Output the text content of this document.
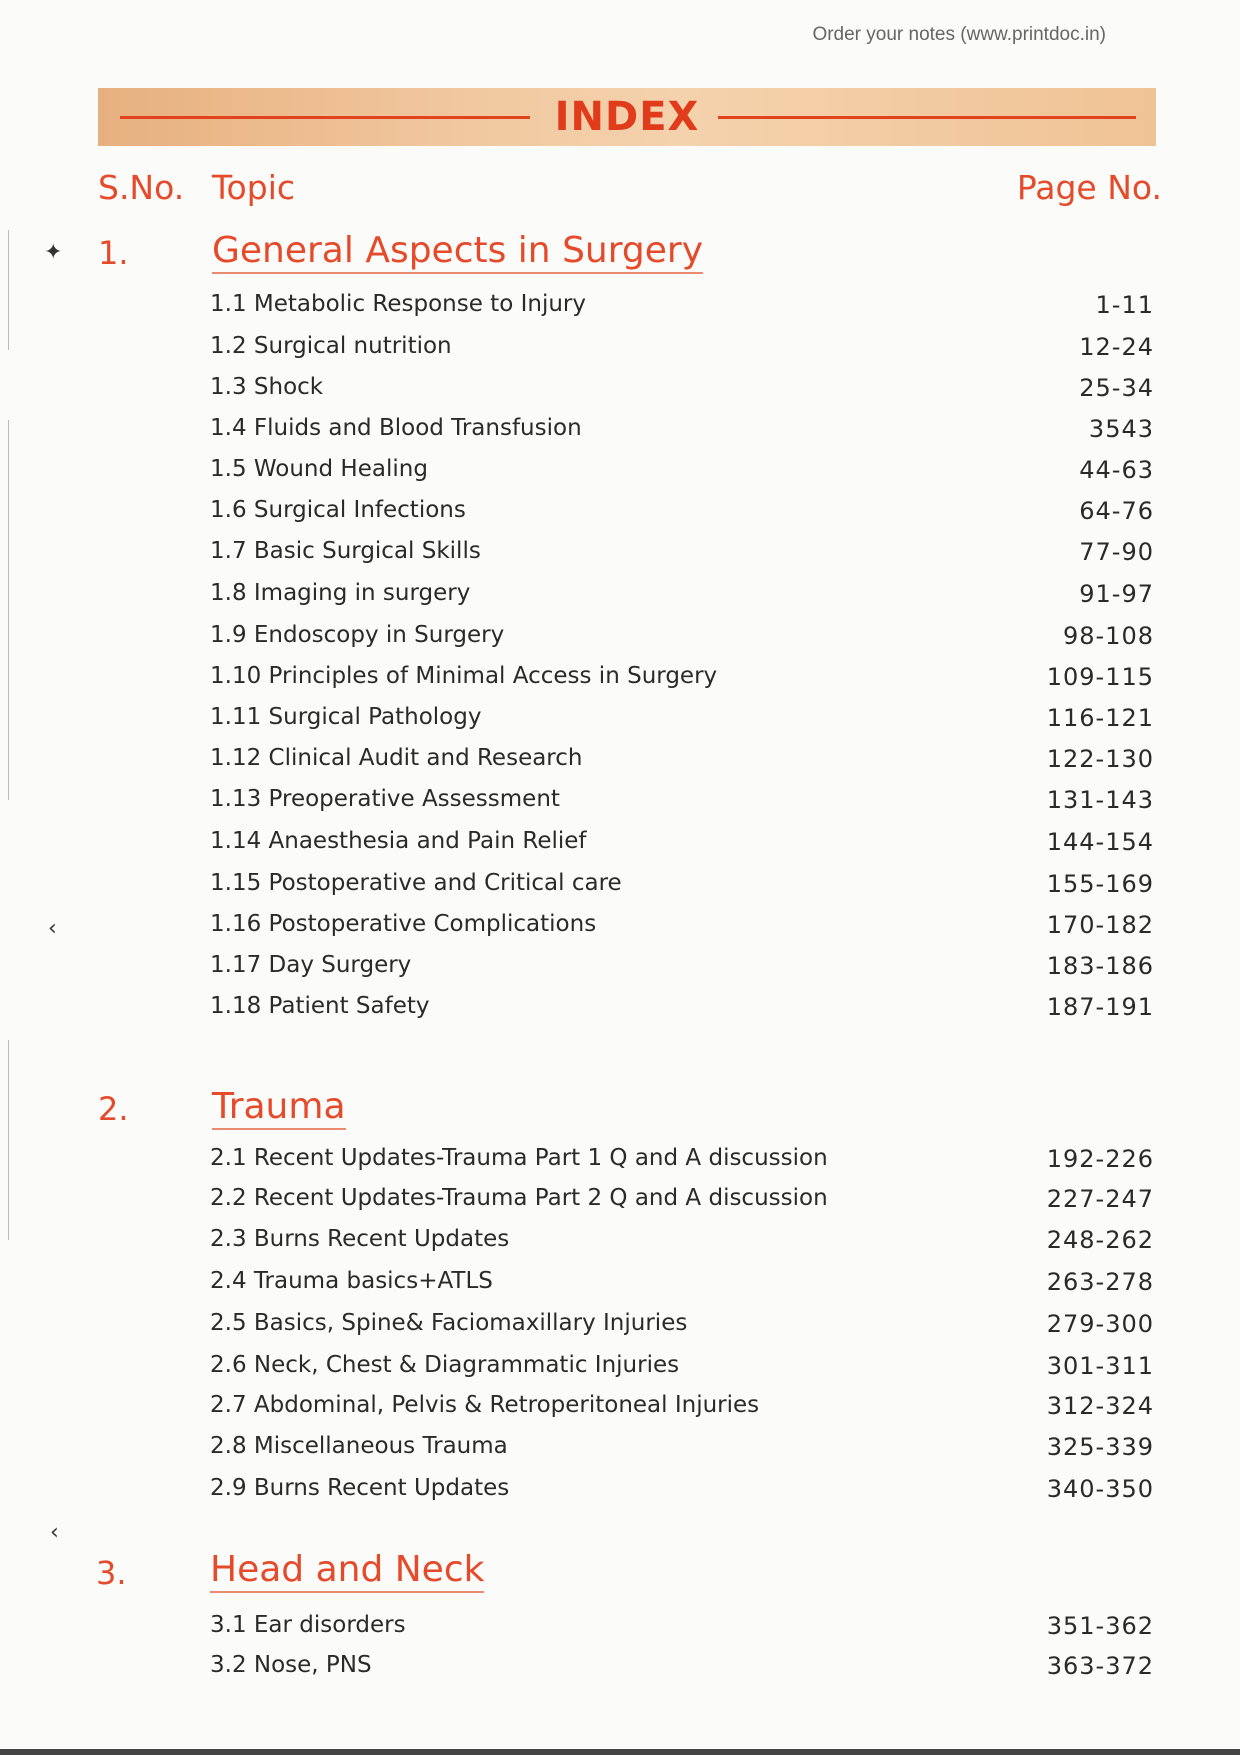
Order your notes (www.printdoc.in)
INDEX
S.No. Topic	Page No.
✦
‹
‹
1. General Aspects in Surgery
1.1 Metabolic Response to Injury	1-11
1.2 Surgical nutrition	12-24
1.3 Shock	25-34
1.4 Fluids and Blood Transfusion	3543
1.5 Wound Healing	44-63
1.6 Surgical Infections	64-76
1.7 Basic Surgical Skills	77-90
1.8 Imaging in surgery	91-97
1.9 Endoscopy in Surgery	98-108
1.10 Principles of Minimal Access in Surgery	109-115
1.11 Surgical Pathology	116-121
1.12 Clinical Audit and Research	122-130
1.13 Preoperative Assessment	131-143
1.14 Anaesthesia and Pain Relief	144-154
1.15 Postoperative and Critical care	155-169
1.16 Postoperative Complications	170-182
1.17 Day Surgery	183-186
1.18 Patient Safety	187-191
2. Trauma
2.1 Recent Updates-Trauma Part 1 Q and A discussion	192-226
2.2 Recent Updates-Trauma Part 2 Q and A discussion	227-247
2.3 Burns Recent Updates	248-262
2.4 Trauma basics+ATLS	263-278
2.5 Basics, Spine& Faciomaxillary Injuries	279-300
2.6 Neck, Chest & Diagrammatic Injuries	301-311
2.7 Abdominal, Pelvis & Retroperitoneal Injuries	312-324
2.8 Miscellaneous Trauma	325-339
2.9 Burns Recent Updates	340-350
3. Head and Neck
3.1 Ear disorders	351-362
3.2 Nose, PNS	363-372
